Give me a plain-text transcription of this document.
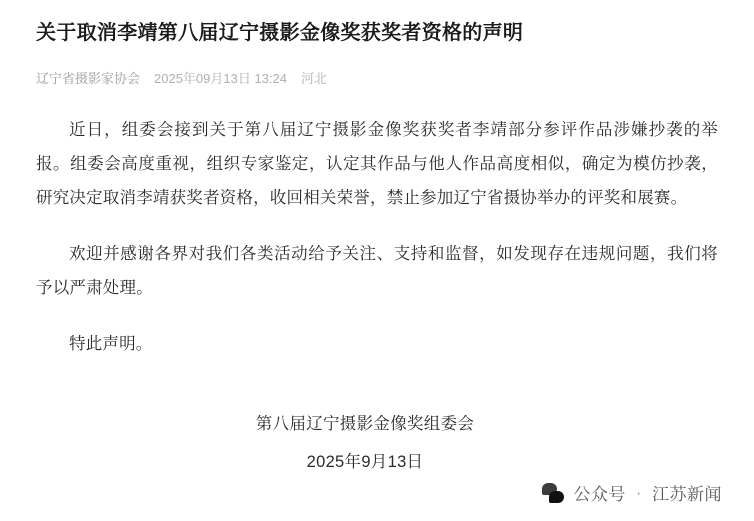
关于取消李靖第八届辽宁摄影金像奖获奖者资格的声明
辽宁省摄影家协会 2025年09月13日 13:24 河北

近日，组委会接到关于第八届辽宁摄影金像奖获奖者李靖部分参评作品涉嫌抄袭的举报。组委会高度重视，组织专家鉴定，认定其作品与他人作品高度相似，确定为模仿抄袭，研究决定取消李靖获奖者资格，收回相关荣誉，禁止参加辽宁省摄协举办的评奖和展赛。

欢迎并感谢各界对我们各类活动给予关注、支持和监督，如发现存在违规问题，我们将予以严肃处理。

特此声明。

第八届辽宁摄影金像奖组委会
2025年9月13日
公众号 · 江苏新闻
